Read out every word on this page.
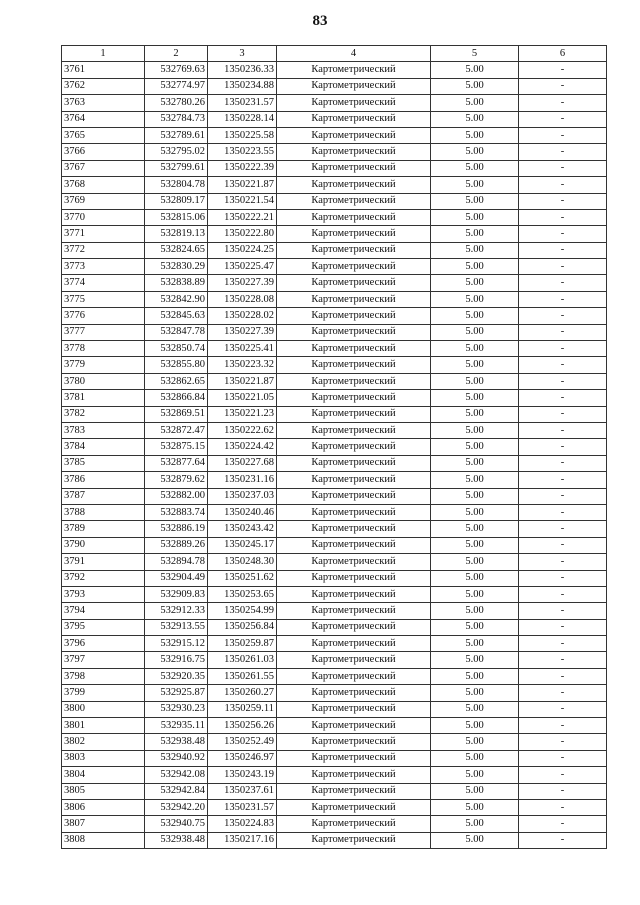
83
1	2	3	4	5	6
3761	532769.63	1350236.33	Картометрический	5.00	-
3762	532774.97	1350234.88	Картометрический	5.00	-
3763	532780.26	1350231.57	Картометрический	5.00	-
3764	532784.73	1350228.14	Картометрический	5.00	-
3765	532789.61	1350225.58	Картометрический	5.00	-
3766	532795.02	1350223.55	Картометрический	5.00	-
3767	532799.61	1350222.39	Картометрический	5.00	-
3768	532804.78	1350221.87	Картометрический	5.00	-
3769	532809.17	1350221.54	Картометрический	5.00	-
3770	532815.06	1350222.21	Картометрический	5.00	-
3771	532819.13	1350222.80	Картометрический	5.00	-
3772	532824.65	1350224.25	Картометрический	5.00	-
3773	532830.29	1350225.47	Картометрический	5.00	-
3774	532838.89	1350227.39	Картометрический	5.00	-
3775	532842.90	1350228.08	Картометрический	5.00	-
3776	532845.63	1350228.02	Картометрический	5.00	-
3777	532847.78	1350227.39	Картометрический	5.00	-
3778	532850.74	1350225.41	Картометрический	5.00	-
3779	532855.80	1350223.32	Картометрический	5.00	-
3780	532862.65	1350221.87	Картометрический	5.00	-
3781	532866.84	1350221.05	Картометрический	5.00	-
3782	532869.51	1350221.23	Картометрический	5.00	-
3783	532872.47	1350222.62	Картометрический	5.00	-
3784	532875.15	1350224.42	Картометрический	5.00	-
3785	532877.64	1350227.68	Картометрический	5.00	-
3786	532879.62	1350231.16	Картометрический	5.00	-
3787	532882.00	1350237.03	Картометрический	5.00	-
3788	532883.74	1350240.46	Картометрический	5.00	-
3789	532886.19	1350243.42	Картометрический	5.00	-
3790	532889.26	1350245.17	Картометрический	5.00	-
3791	532894.78	1350248.30	Картометрический	5.00	-
3792	532904.49	1350251.62	Картометрический	5.00	-
3793	532909.83	1350253.65	Картометрический	5.00	-
3794	532912.33	1350254.99	Картометрический	5.00	-
3795	532913.55	1350256.84	Картометрический	5.00	-
3796	532915.12	1350259.87	Картометрический	5.00	-
3797	532916.75	1350261.03	Картометрический	5.00	-
3798	532920.35	1350261.55	Картометрический	5.00	-
3799	532925.87	1350260.27	Картометрический	5.00	-
3800	532930.23	1350259.11	Картометрический	5.00	-
3801	532935.11	1350256.26	Картометрический	5.00	-
3802	532938.48	1350252.49	Картометрический	5.00	-
3803	532940.92	1350246.97	Картометрический	5.00	-
3804	532942.08	1350243.19	Картометрический	5.00	-
3805	532942.84	1350237.61	Картометрический	5.00	-
3806	532942.20	1350231.57	Картометрический	5.00	-
3807	532940.75	1350224.83	Картометрический	5.00	-
3808	532938.48	1350217.16	Картометрический	5.00	-
